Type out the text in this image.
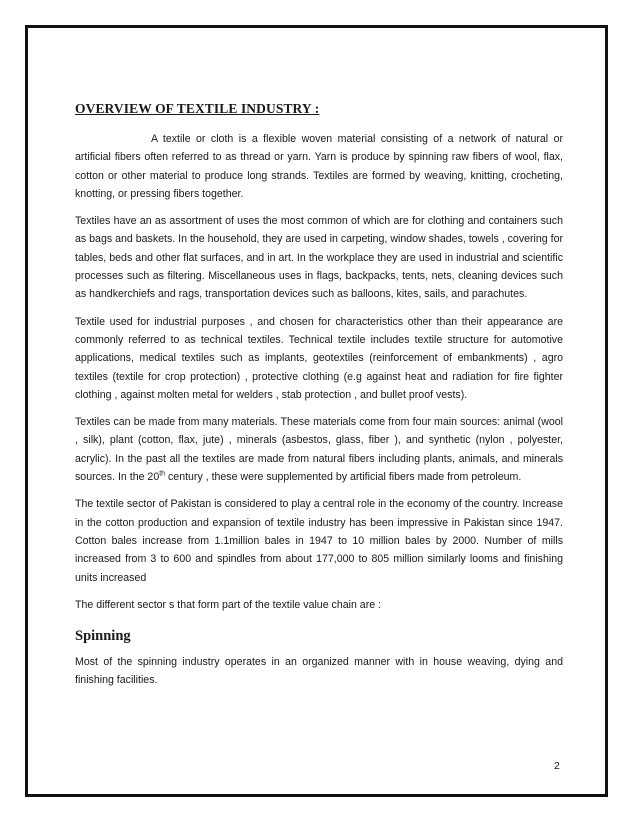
OVERVIEW OF TEXTILE INDUSTRY :

A textile or cloth is a flexible woven material consisting of a network of natural or artificial fibers often referred to as thread or yarn. Yarn is produce by spinning raw fibers of wool, flax, cotton or other material to produce long strands. Textiles are formed by weaving, knitting, crocheting, knotting, or pressing fibers together.

Textiles have an as assortment of uses the most common of which are for clothing and containers such as bags and baskets. In the household, they are used in carpeting, window shades, towels , covering for tables, beds and other flat surfaces, and in art. In the workplace they are used in industrial and scientific processes such as filtering. Miscellaneous uses in flags, backpacks, tents, nets, cleaning devices such as handkerchiefs and rags, transportation devices such as balloons, kites, sails, and parachutes.

Textile used for industrial purposes , and chosen for characteristics other than their appearance are commonly referred to as technical textiles. Technical textile includes textile structure for automotive applications, medical textiles such as implants, geotextiles (reinforcement of embankments) , agro textiles (textile for crop protection) , protective clothing (e.g against heat and radiation for fire fighter clothing , against molten metal for welders , stab protection , and bullet proof vests).

Textiles can be made from many materials. These materials come from four main sources: animal (wool , silk), plant (cotton, flax, jute) , minerals (asbestos, glass, fiber ), and synthetic (nylon , polyester, acrylic). In the past all the textiles are made from natural fibers including plants, animals, and minerals sources. In the 20th century , these were supplemented by artificial fibers made from petroleum.

The textile sector of Pakistan is considered to play a central role in the economy of the country. Increase in the cotton production and expansion of textile industry has been impressive in Pakistan since 1947. Cotton bales increase from 1.1million bales in 1947 to 10 million bales by 2000. Number of mills increased from 3 to 600 and spindles from about 177,000 to 805 million similarly looms and finishing units increased

The different sector s that form part of the textile value chain are :

Spinning

Most of the spinning industry operates in an organized manner with in house weaving, dying and finishing facilities.

2
